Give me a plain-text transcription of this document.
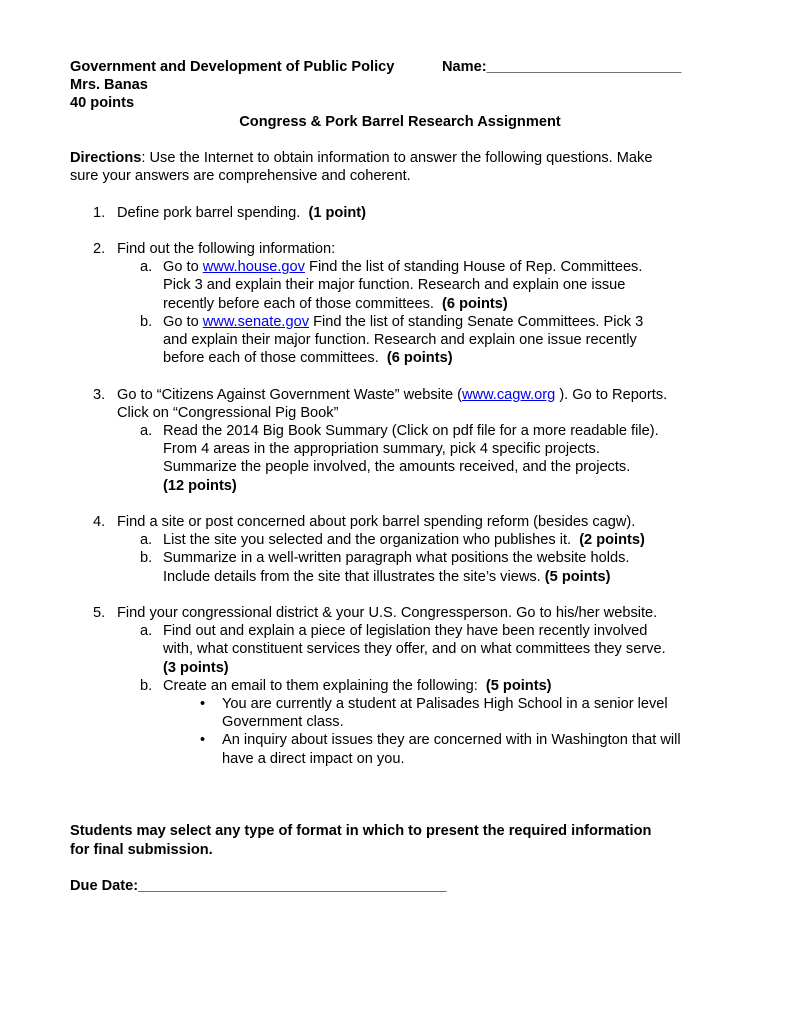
Government and Development of Public Policy	Name:________________________
Mrs. Banas
40 points
Congress & Pork Barrel Research Assignment
Directions: Use the Internet to obtain information to answer the following questions. Make
sure your answers are comprehensive and coherent.
1. Define pork barrel spending. (1 point)
2. Find out the following information:
a. Go to www.house.gov Find the list of standing House of Rep. Committees.
Pick 3 and explain their major function. Research and explain one issue
recently before each of those committees. (6 points)
b. Go to www.senate.gov Find the list of standing Senate Committees. Pick 3
and explain their major function. Research and explain one issue recently
before each of those committees. (6 points)
3. Go to “Citizens Against Government Waste” website (www.cagw.org ). Go to Reports.
Click on “Congressional Pig Book”
a. Read the 2014 Big Book Summary (Click on pdf file for a more readable file).
From 4 areas in the appropriation summary, pick 4 specific projects.
Summarize the people involved, the amounts received, and the projects.
(12 points)
4. Find a site or post concerned about pork barrel spending reform (besides cagw).
a. List the site you selected and the organization who publishes it. (2 points)
b. Summarize in a well-written paragraph what positions the website holds.
Include details from the site that illustrates the site’s views. (5 points)
5. Find your congressional district & your U.S. Congressperson. Go to his/her website.
a. Find out and explain a piece of legislation they have been recently involved
with, what constituent services they offer, and on what committees they serve.
(3 points)
b. Create an email to them explaining the following: (5 points)
• You are currently a student at Palisades High School in a senior level
Government class.
• An inquiry about issues they are concerned with in Washington that will
have a direct impact on you.
Students may select any type of format in which to present the required information
for final submission.
Due Date:______________________________________
